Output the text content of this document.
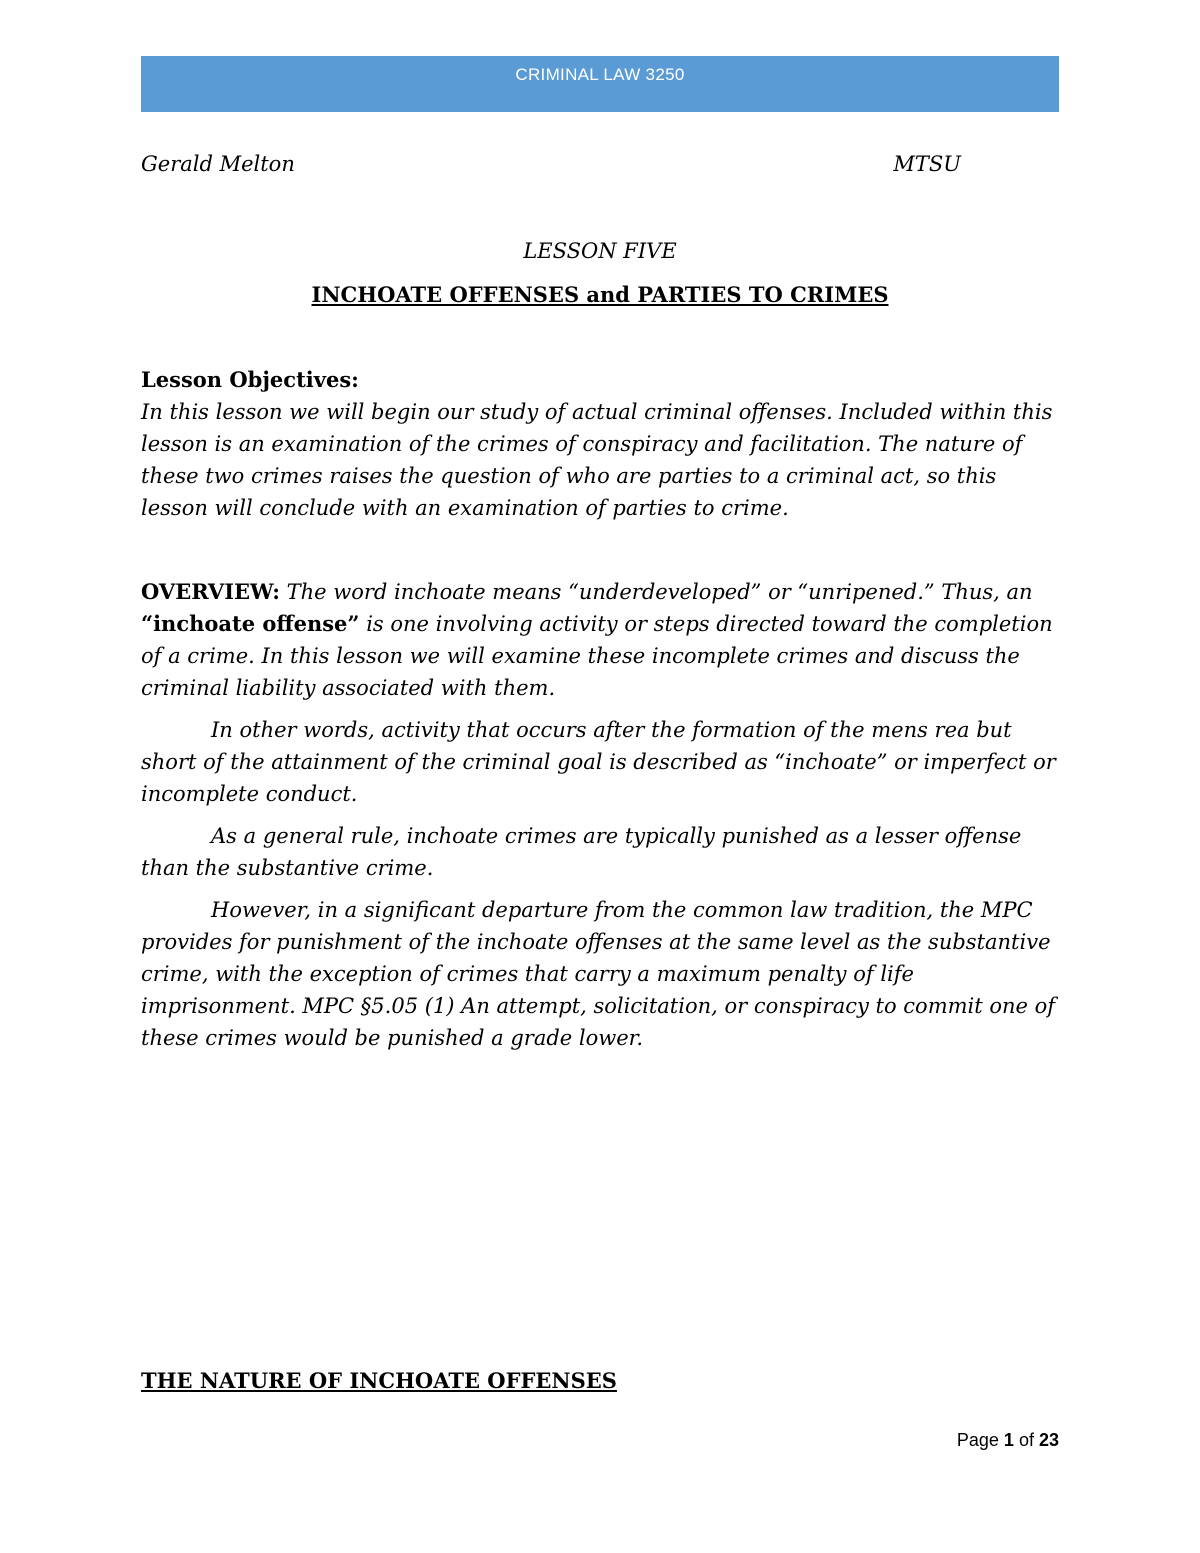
CRIMINAL LAW 3250
Gerald Melton	MTSU
LESSON FIVE
INCHOATE OFFENSES and PARTIES TO CRIMES

Lesson Objectives:

In this lesson we will begin our study of actual criminal offenses. Included within this lesson is an examination of the crimes of conspiracy and facilitation. The nature of these two crimes raises the question of who are parties to a criminal act, so this lesson will conclude with an examination of parties to crime.

OVERVIEW: The word inchoate means “underdeveloped” or “unripened.” Thus, an “inchoate offense” is one involving activity or steps directed toward the completion of a crime. In this lesson we will examine these incomplete crimes and discuss the criminal liability associated with them.

In other words, activity that occurs after the formation of the mens rea but short of the attainment of the criminal goal is described as “inchoate” or imperfect or incomplete conduct.

As a general rule, inchoate crimes are typically punished as a lesser offense than the substantive crime.

However, in a significant departure from the common law tradition, the MPC provides for punishment of the inchoate offenses at the same level as the substantive crime, with the exception of crimes that carry a maximum penalty of life imprisonment. MPC §5.05 (1) An attempt, solicitation, or conspiracy to commit one of these crimes would be punished a grade lower.

THE NATURE OF INCHOATE OFFENSES
Page 1 of 23
